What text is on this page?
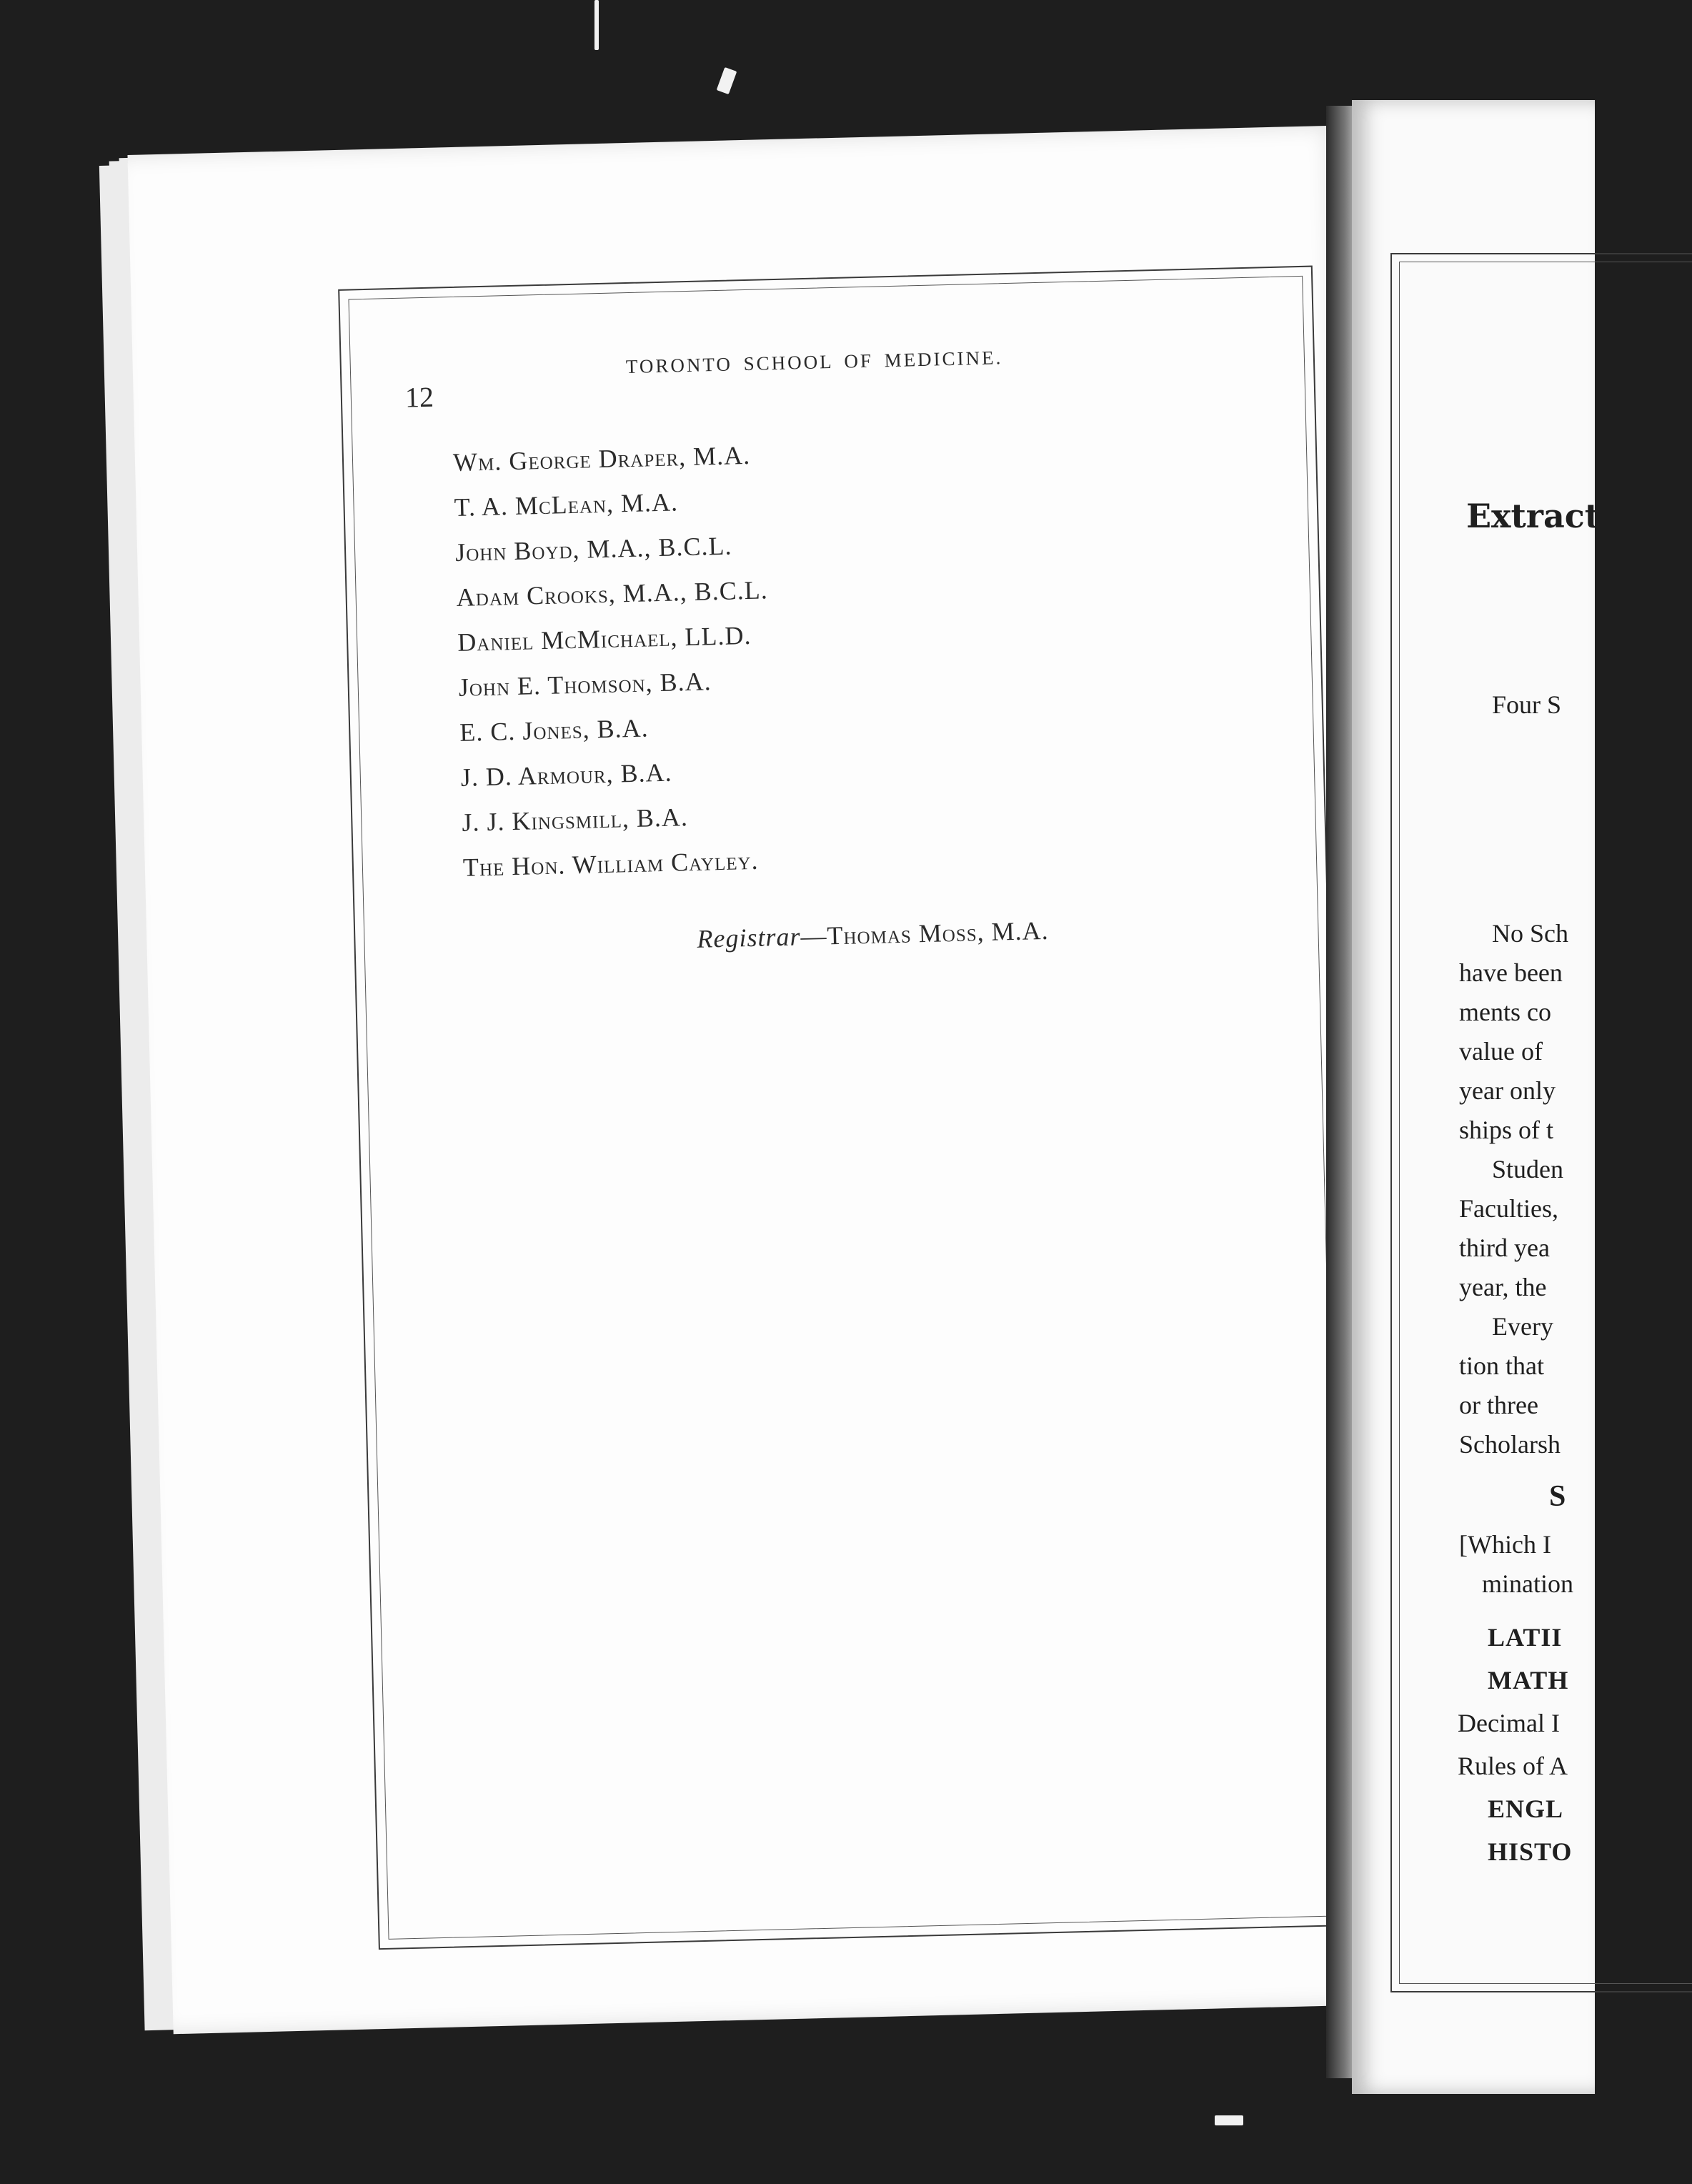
12
TORONTO SCHOOL OF MEDICINE.
Wm. George Draper, M.A.
T. A. McLean, M.A.
John Boyd, M.A., B.C.L.
Adam Crooks, M.A., B.C.L.
Daniel McMichael, LL.D.
John E. Thomson, B.A.
E. C. Jones, B.A.
J. D. Armour, B.A.
J. J. Kingsmill, B.A.
The Hon. William Cayley.
Registrar—Thomas Moss, M.A.
Extract
Four S
No Sch
have been
ments co
value of
year only
ships of t
Studen
Faculties,
third yea
year, the
Every
tion that
or three
Scholarsh
S
[Which I
mination
LATII
MATH
Decimal I
Rules of A
ENGL
HISTO
